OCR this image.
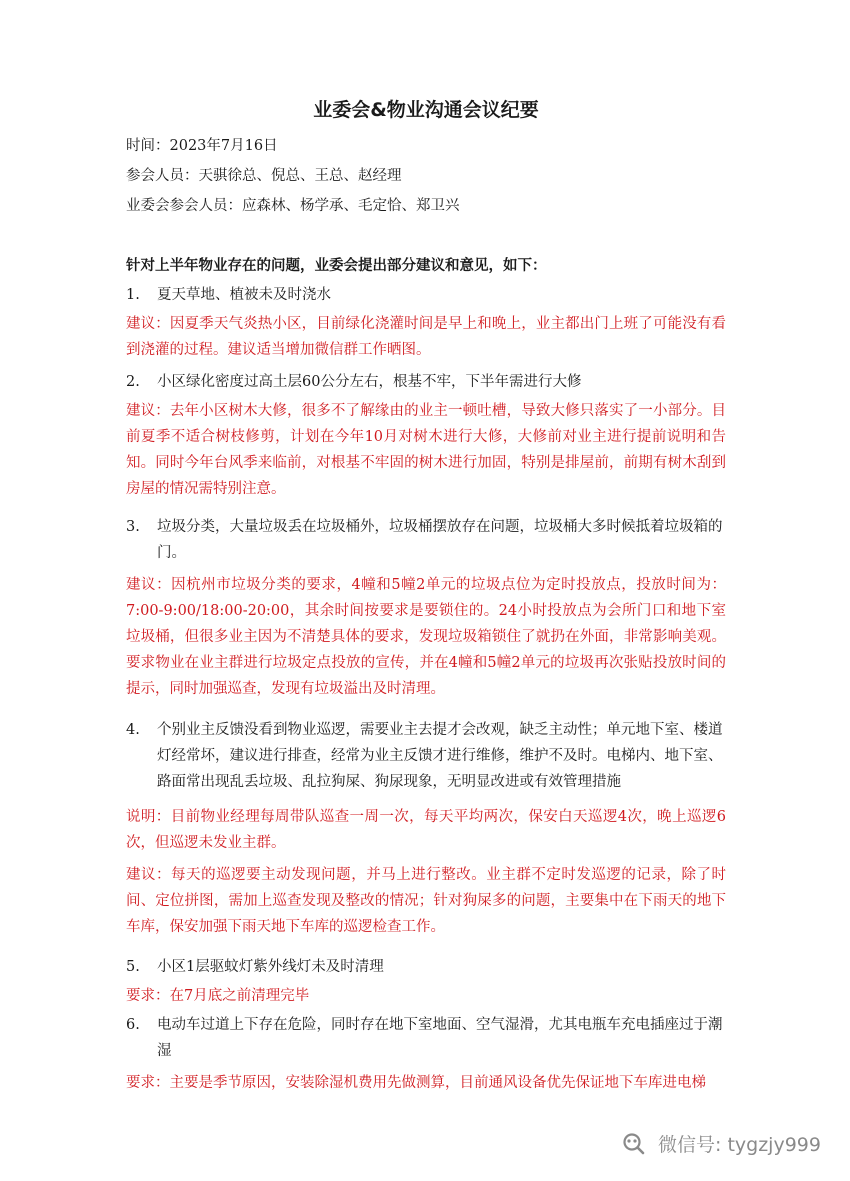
业委会&物业沟通会议纪要
时间：2023年7月16日
参会人员：天骐徐总、倪总、王总、赵经理
业委会参会人员：应森林、杨学承、毛定恰、郑卫兴
针对上半年物业存在的问题，业委会提出部分建议和意见，如下：
1.	夏天草地、植被未及时浇水
建议：因夏季天气炎热小区，目前绿化浇灌时间是早上和晚上，业主都出门上班了可能没有看到浇灌的过程。建议适当增加微信群工作晒图。
2.	小区绿化密度过高土层60公分左右，根基不牢，下半年需进行大修
建议：去年小区树木大修，很多不了解缘由的业主一顿吐槽，导致大修只落实了一小部分。目前夏季不适合树枝修剪，计划在今年10月对树木进行大修，大修前对业主进行提前说明和告知。同时今年台风季来临前，对根基不牢固的树木进行加固，特别是排屋前，前期有树木刮到房屋的情况需特别注意。
3.	垃圾分类，大量垃圾丢在垃圾桶外，垃圾桶摆放存在问题，垃圾桶大多时候抵着垃圾箱的门。
建议：因杭州市垃圾分类的要求，4幢和5幢2单元的垃圾点位为定时投放点，投放时间为：7:00-9:00/18:00-20:00，其余时间按要求是要锁住的。24小时投放点为会所门口和地下室垃圾桶，但很多业主因为不清楚具体的要求，发现垃圾箱锁住了就扔在外面，非常影响美观。要求物业在业主群进行垃圾定点投放的宣传，并在4幢和5幢2单元的垃圾再次张贴投放时间的提示，同时加强巡查，发现有垃圾溢出及时清理。
4.	个别业主反馈没看到物业巡逻，需要业主去提才会改观，缺乏主动性；单元地下室、楼道灯经常坏，建议进行排查，经常为业主反馈才进行维修，维护不及时。电梯内、地下室、路面常出现乱丢垃圾、乱拉狗屎、狗尿现象，无明显改进或有效管理措施
说明：目前物业经理每周带队巡查一周一次，每天平均两次，保安白天巡逻4次，晚上巡逻6次，但巡逻未发业主群。
建议：每天的巡逻要主动发现问题，并马上进行整改。业主群不定时发巡逻的记录，除了时间、定位拼图，需加上巡查发现及整改的情况；针对狗屎多的问题，主要集中在下雨天的地下车库，保安加强下雨天地下车库的巡逻检查工作。
5.	小区1层驱蚊灯紫外线灯未及时清理
要求：在7月底之前清理完毕
6.	电动车过道上下存在危险，同时存在地下室地面、空气湿滑，尤其电瓶车充电插座过于潮湿
要求：主要是季节原因，安装除湿机费用先做测算，目前通风设备优先保证地下车库进电梯
微信号: tygzjy999
